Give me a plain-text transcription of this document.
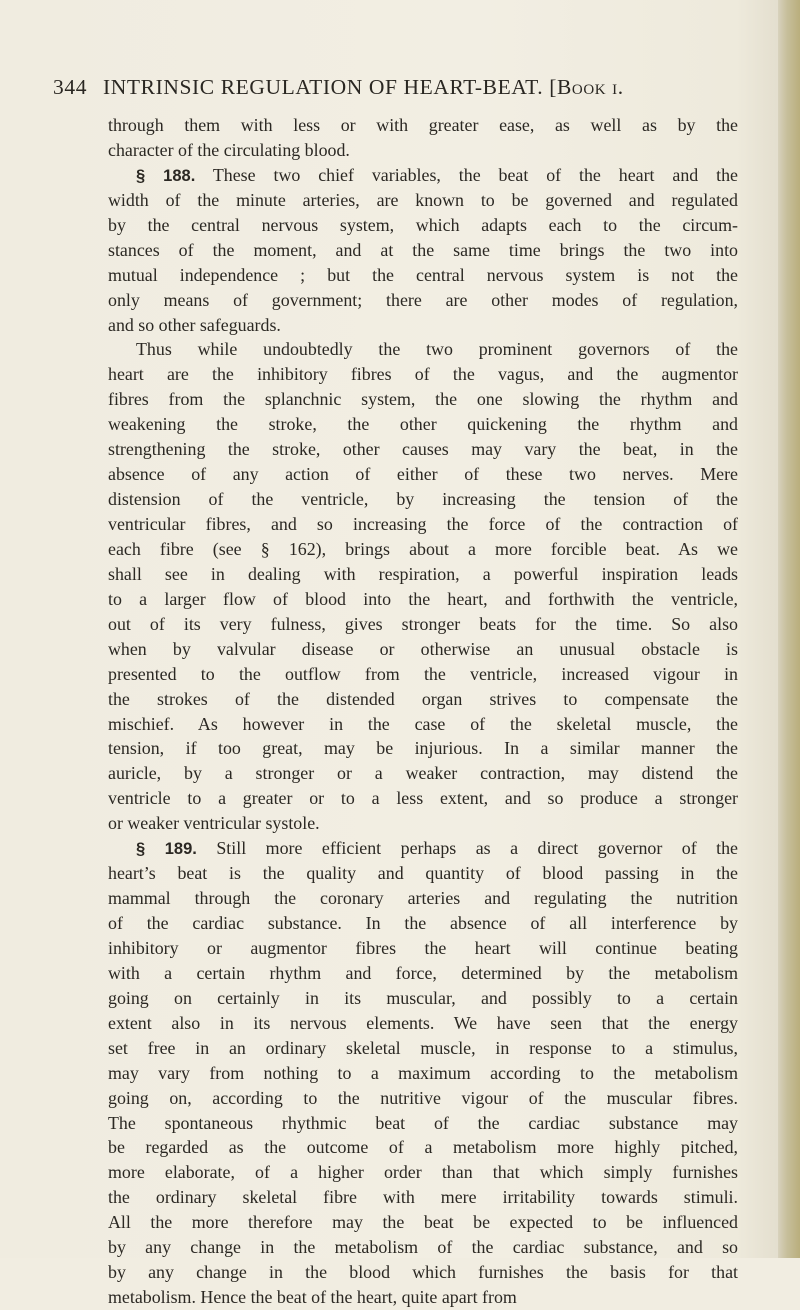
344 INTRINSIC REGULATION OF HEART-BEAT. [Book i.
through them with less or with greater ease, as well as by the
character of the circulating blood.
§ 188. These two chief variables, the beat of the heart and the
width of the minute arteries, are known to be governed and regulated
by the central nervous system, which adapts each to the circum-
stances of the moment, and at the same time brings the two into
mutual independence ; but the central nervous system is not the
only means of government; there are other modes of regulation,
and so other safeguards.
Thus while undoubtedly the two prominent governors of the
heart are the inhibitory fibres of the vagus, and the augmentor
fibres from the splanchnic system, the one slowing the rhythm and
weakening the stroke, the other quickening the rhythm and
strengthening the stroke, other causes may vary the beat, in the
absence of any action of either of these two nerves. Mere
distension of the ventricle, by increasing the tension of the
ventricular fibres, and so increasing the force of the contraction of
each fibre (see § 162), brings about a more forcible beat. As we
shall see in dealing with respiration, a powerful inspiration leads
to a larger flow of blood into the heart, and forthwith the ventricle,
out of its very fulness, gives stronger beats for the time. So also
when by valvular disease or otherwise an unusual obstacle is
presented to the outflow from the ventricle, increased vigour in
the strokes of the distended organ strives to compensate the
mischief. As however in the case of the skeletal muscle, the
tension, if too great, may be injurious. In a similar manner the
auricle, by a stronger or a weaker contraction, may distend the
ventricle to a greater or to a less extent, and so produce a stronger
or weaker ventricular systole.
§ 189. Still more efficient perhaps as a direct governor of the
heart’s beat is the quality and quantity of blood passing in the
mammal through the coronary arteries and regulating the nutrition
of the cardiac substance. In the absence of all interference by
inhibitory or augmentor fibres the heart will continue beating
with a certain rhythm and force, determined by the metabolism
going on certainly in its muscular, and possibly to a certain
extent also in its nervous elements. We have seen that the energy
set free in an ordinary skeletal muscle, in response to a stimulus,
may vary from nothing to a maximum according to the metabolism
going on, according to the nutritive vigour of the muscular fibres.
The spontaneous rhythmic beat of the cardiac substance may
be regarded as the outcome of a metabolism more highly pitched,
more elaborate, of a higher order than that which simply furnishes
the ordinary skeletal fibre with mere irritability towards stimuli.
All the more therefore may the beat be expected to be influenced
by any change in the metabolism of the cardiac substance, and so
by any change in the blood which furnishes the basis for that
metabolism. Hence the beat of the heart, quite apart from
